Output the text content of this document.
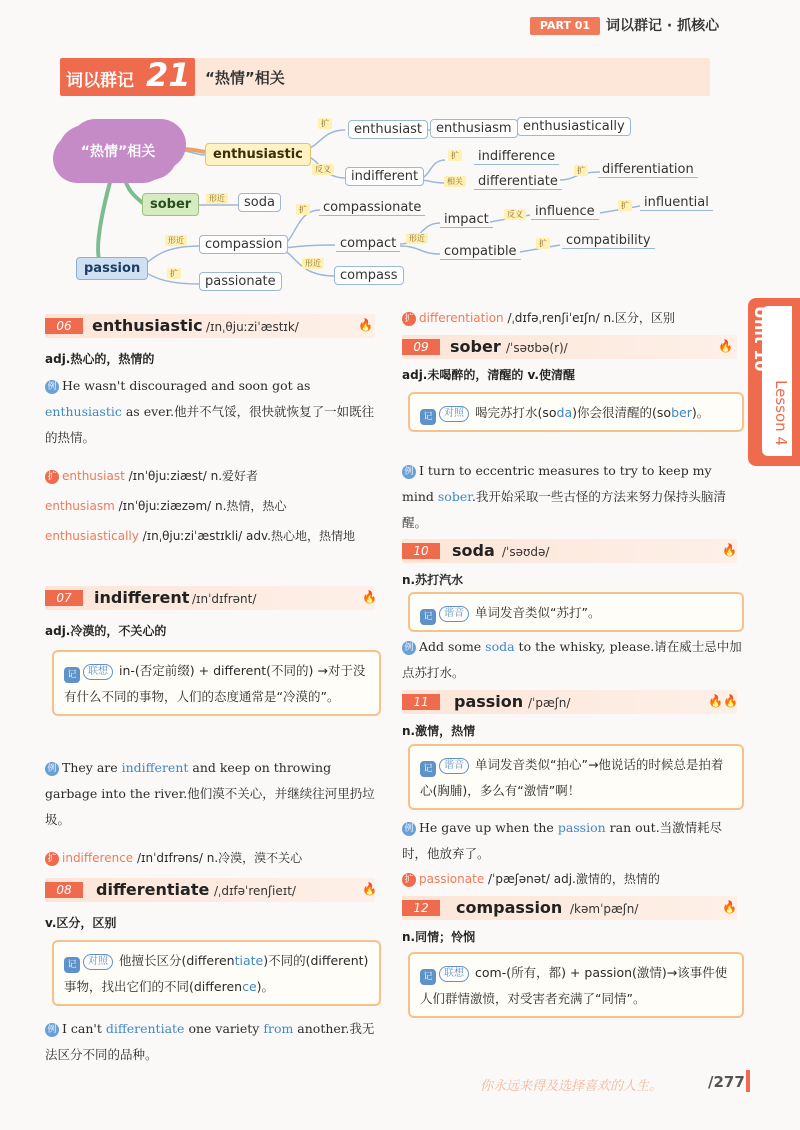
PART 01	词以群记 · 抓核心
词以群记 21 “热情”相关
“热情”相关	enthusiastic
sober
passion
enthusiast	enthusiasm enthusiastically
indifferent
indifference
differentiate
differentiation
soda
compassion
passionate
compassionate
compact
compass
impact
influence
influential
compatible
compatibility
扩
反义
扩
相关
扩
形近
形近
扩
扩
形近
形近
反义
扩
扩
Unit 10
Lesson 4
06	enthusiastic /ɪnˌθjuːziˈæstɪk/	🔥
adj.热心的，热情的
例 He wasn't discouraged and soon got as enthusiastic as ever.他并不气馁，很快就恢复了一如既往的热情。
扩 enthusiast /ɪnˈθjuːziæst/ n.爱好者
enthusiasm /ɪnˈθjuːziæzəm/ n.热情，热心
enthusiastically /ɪnˌθjuːziˈæstɪkli/ adv.热心地，热情地
07	indifferent /ɪnˈdɪfrənt/	🔥
adj.冷漠的，不关心的
记 联想 in-(否定前缀) + different(不同的) →对于没有什么不同的事物，人们的态度通常是“冷漠的”。
例 They are indifferent and keep on throwing garbage into the river.他们漠不关心，并继续往河里扔垃圾。
扩 indifference /ɪnˈdɪfrəns/ n.冷漠，漠不关心
08	differentiate /ˌdɪfəˈrenʃieɪt/	🔥
v.区分，区别
记 对照 他擅长区分(differentiate)不同的(different)事物，找出它们的不同(difference)。
例 I can't differentiate one variety from another.我无法区分不同的品种。
扩 differentiation /ˌdɪfəˌrenʃiˈeɪʃn/ n.区分，区别
09	sober /ˈsəʊbə(r)/	🔥
adj.未喝醉的，清醒的 v.使清醒
记 对照 喝完苏打水(soda)你会很清醒的(sober)。
例 I turn to eccentric measures to try to keep my mind sober.我开始采取一些古怪的方法来努力保持头脑清醒。
10	soda /ˈsəʊdə/	🔥
n.苏打汽水
记 谐音 单词发音类似“苏打”。
例 Add some soda to the whisky, please.请在威士忌中加点苏打水。
11	passion /ˈpæʃn/	🔥🔥
n.激情，热情
记 谐音 单词发音类似“拍心”→他说话的时候总是拍着心(胸脯)，多么有“激情”啊！
例 He gave up when the passion ran out.当激情耗尽时，他放弃了。
扩 passionate /ˈpæʃənət/ adj.激情的，热情的
12	compassion /kəmˈpæʃn/	🔥
n.同情；怜悯
记 联想 com-(所有，都) + passion(激情)→该事件使人们群情激愤，对受害者充满了“同情”。
你永远来得及选择喜欢的人生。	/277
